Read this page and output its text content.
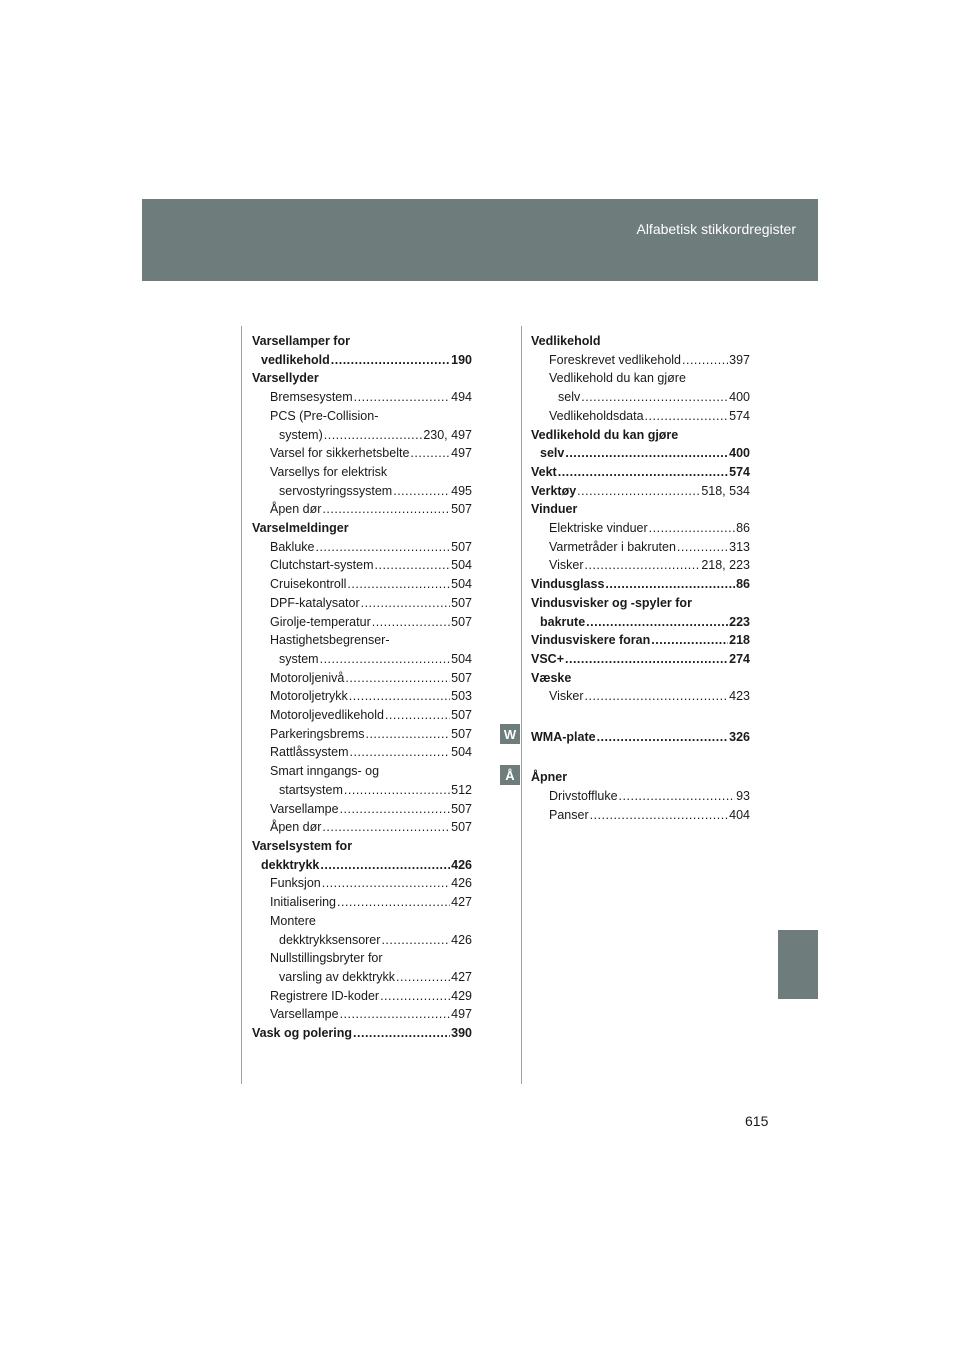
Alfabetisk stikkordregister
Varsellamper for
vedlikehold .....	190
Varsellyder
Bremsesystem .....	494
PCS (Pre-Collision-
system) .....	230, 497
Varsel for sikkerhetsbelte .....	497
Varsellys for elektrisk
servostyringssystem .....	495
Åpen dør .....	507
Varselmeldinger
Bakluke .....	507
Clutchstart-system .....	504
Cruisekontroll .....	504
DPF-katalysator .....	507
Girolje-temperatur .....	507
Hastighetsbegrenser-
system .....	504
Motoroljenivå .....	507
Motoroljetrykk .....	503
Motoroljevedlikehold .....	507
Parkeringsbrems .....	507
Rattlåssystem .....	504
Smart inngangs- og
startsystem .....	512
Varsellampe .....	507
Åpen dør .....	507
Varselsystem for
dekktrykk .....	426
Funksjon .....	426
Initialisering .....	427
Montere
dekktrykksensorer .....	426
Nullstillingsbryter for
varsling av dekktrykk .....	427
Registrere ID-koder .....	429
Varsellampe .....	497
Vask og polering .....	390
Vedlikehold
Foreskrevet vedlikehold .....	397
Vedlikehold du kan gjøre
selv .....	400
Vedlikeholdsdata .....	574
Vedlikehold du kan gjøre
selv .....	400
Vekt .....	574
Verktøy .....	518, 534
Vinduer
Elektriske vinduer .....	86
Varmetråder i bakruten .....	313
Visker .....	218, 223
Vindusglass .....	86
Vindusvisker og -spyler for
bakrute .....	223
Vindusviskere foran .....	218
VSC+ .....	274
Væske
Visker .....	423
WMA-plate .....	326
Åpner
Drivstoffluke .....	93
Panser .....	404
W
Å
615
